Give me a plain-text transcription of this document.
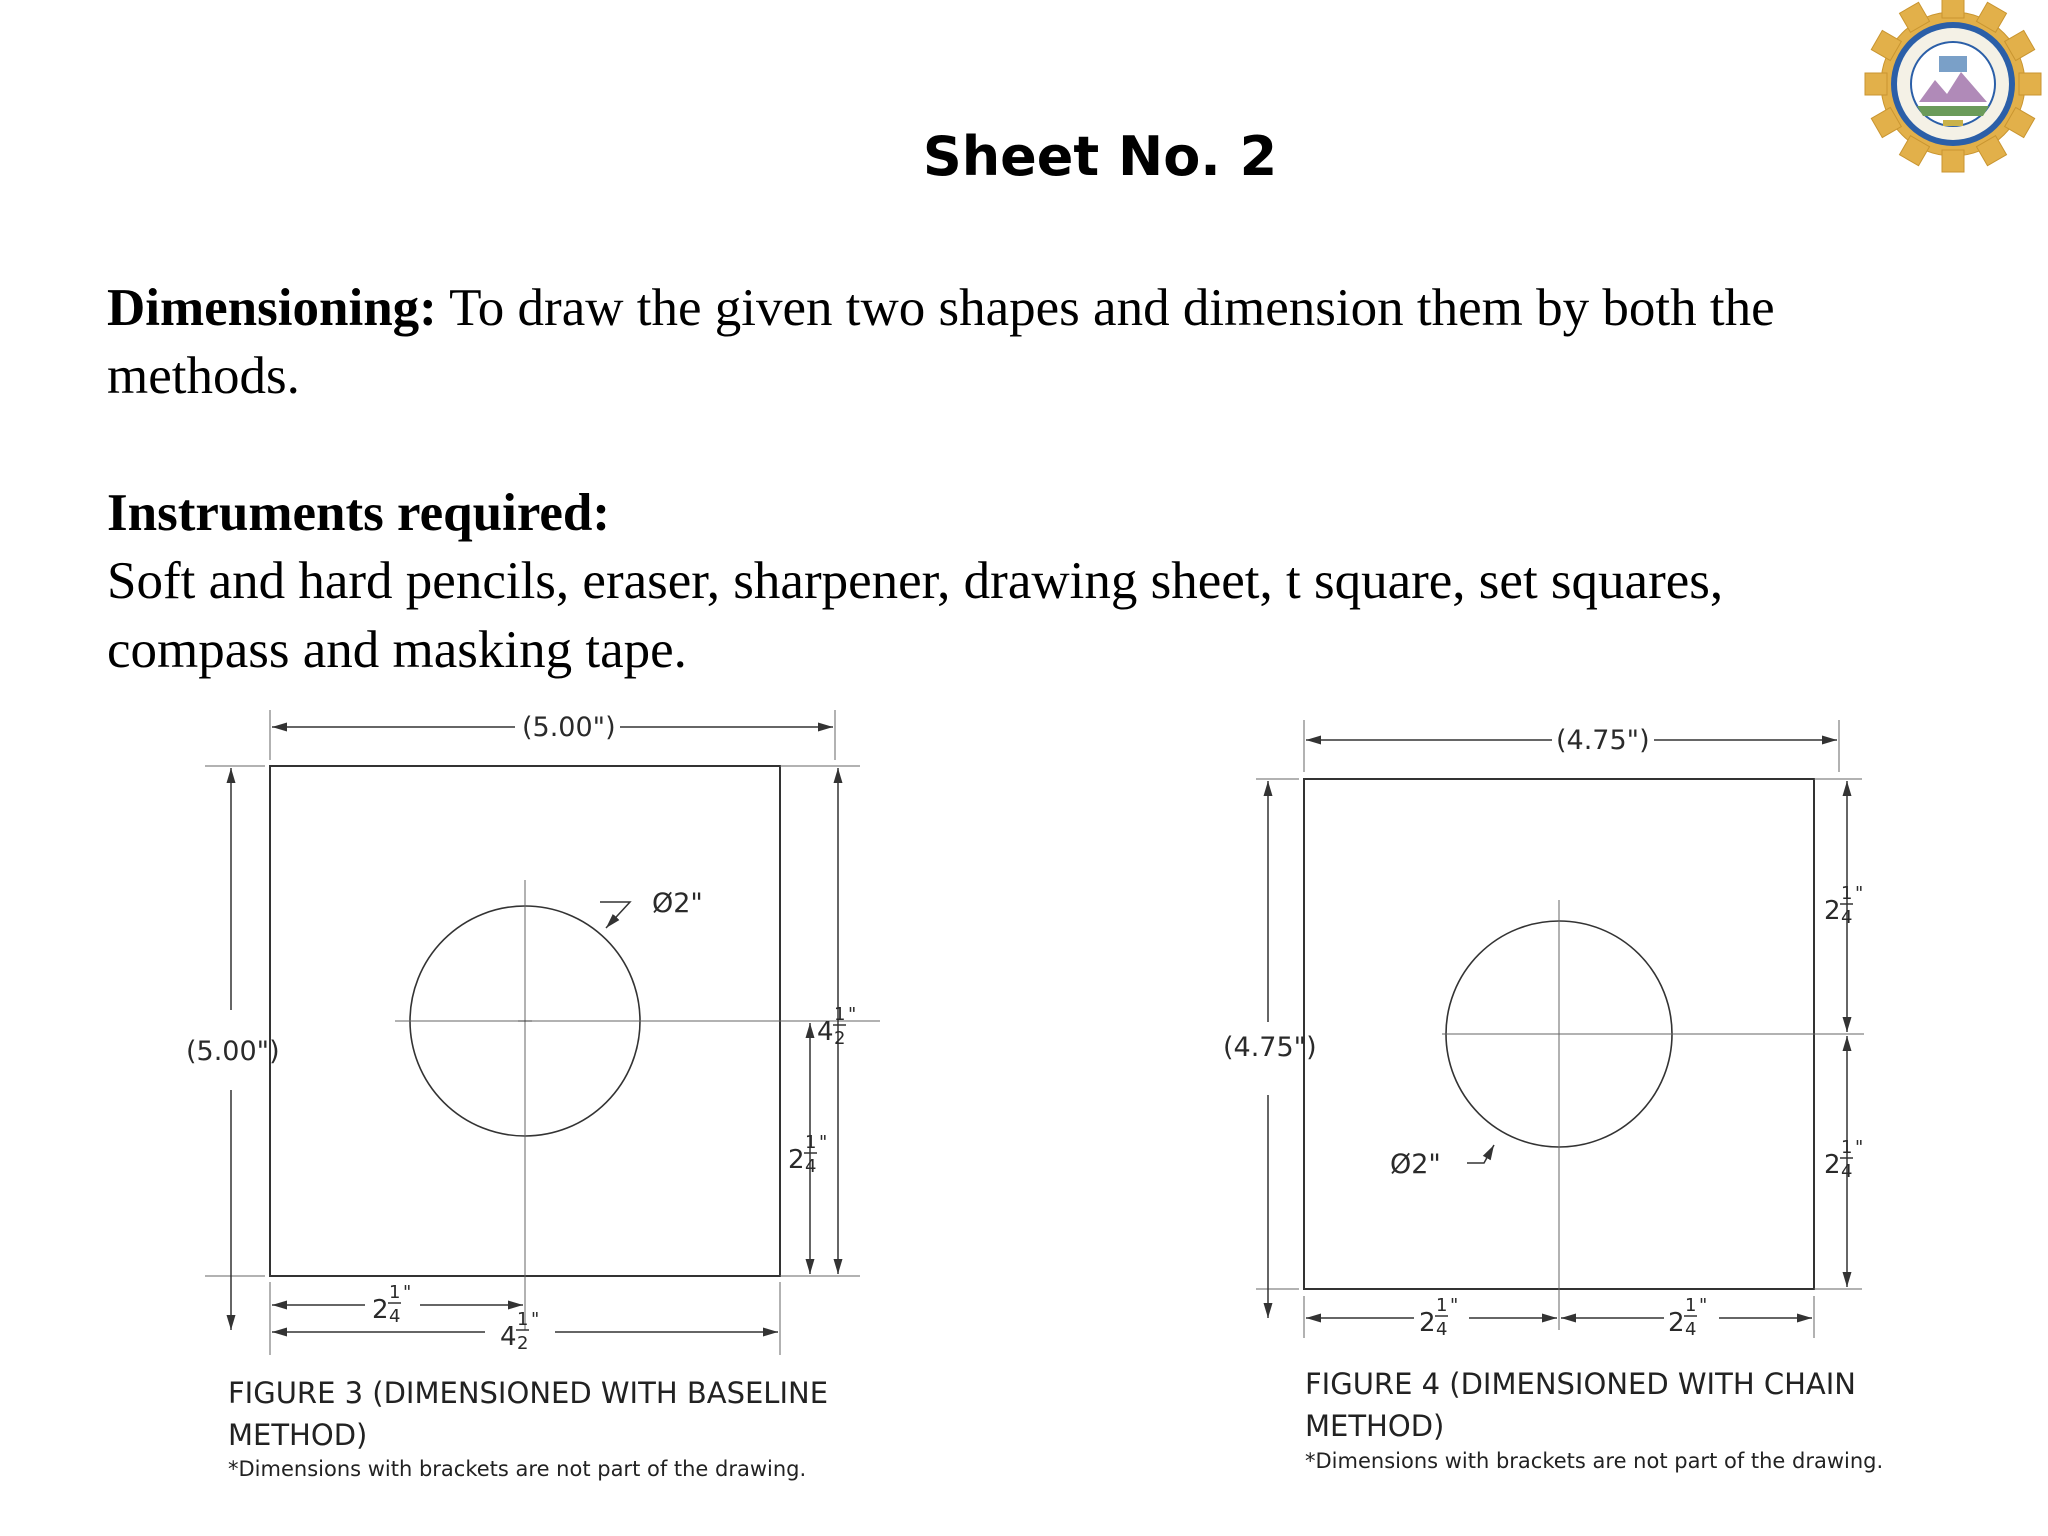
Sheet No. 2

Dimensioning: To draw the given two shapes and dimension them by both the

methods.

Instruments required:

Soft and hard pencils, eraser, sharpener, drawing sheet, t square, set squares,

compass and masking tape.

(5.00")
(5.00")
Ø2"
4
1
2
"
2
1
4
"
2
1
4
"
4
1
2
"

FIGURE 3 (DIMENSIONED WITH BASELINE

METHOD)

*Dimensions with brackets are not part of the drawing.

(4.75")
(4.75")
Ø2"
2
1
4
"
2
1
4
"
2
1
4
"
2
1
4
"

FIGURE 4 (DIMENSIONED WITH CHAIN

METHOD)

*Dimensions with brackets are not part of the drawing.
